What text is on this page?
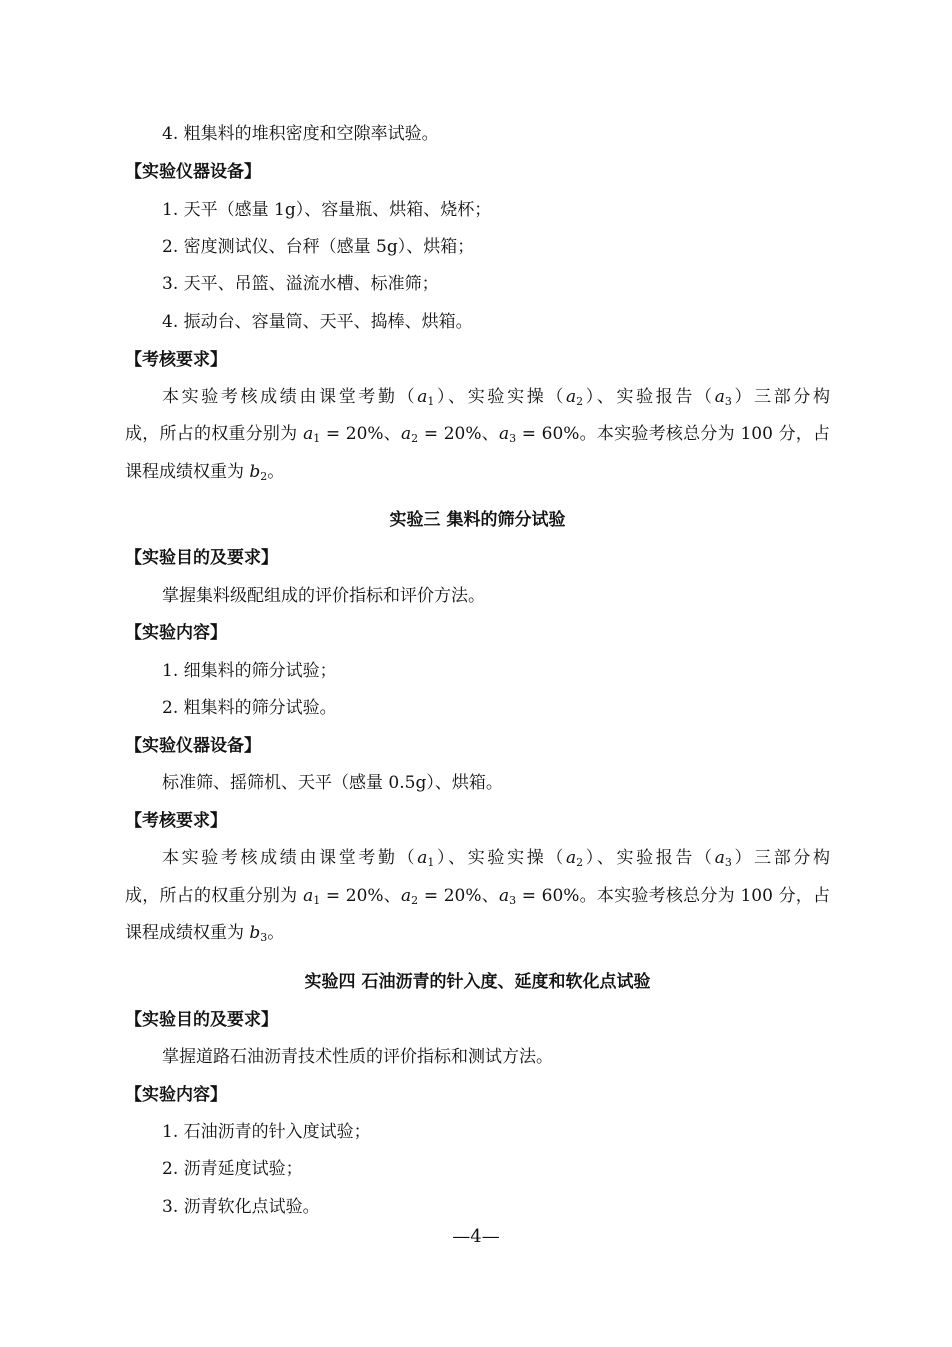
4. 粗集料的堆积密度和空隙率试验。
【实验仪器设备】
1. 天平（感量 1g）、容量瓶、烘箱、烧杯；
2. 密度测试仪、台秤（感量 5g）、烘箱；
3. 天平、吊篮、溢流水槽、标准筛；
4. 振动台、容量筒、天平、捣棒、烘箱。
【考核要求】
本实验考核成绩由课堂考勤$(a_1)$、实验实操$(a_2)$、实验报告$(a_3)$三部分构
成，所占的权重分别为 $a_1 = 20\%$、$a_2 = 20\%$、$a_3 = 60\%$。本实验考核总分为 100 分，占
课程成绩权重为 $b_2$。
实验三 集料的筛分试验
【实验目的及要求】
掌握集料级配组成的评价指标和评价方法。
【实验内容】
1. 细集料的筛分试验；
2. 粗集料的筛分试验。
【实验仪器设备】
标准筛、摇筛机、天平（感量 0.5g）、烘箱。
【考核要求】
本实验考核成绩由课堂考勤$(a_1)$、实验实操$(a_2)$、实验报告$(a_3)$三部分构
成，所占的权重分别为 $a_1 = 20\%$、$a_2 = 20\%$、$a_3 = 60\%$。本实验考核总分为 100 分，占
课程成绩权重为 $b_3$。
实验四 石油沥青的针入度、延度和软化点试验
【实验目的及要求】
掌握道路石油沥青技术性质的评价指标和测试方法。
【实验内容】
1. 石油沥青的针入度试验；
2. 沥青延度试验；
3. 沥青软化点试验。
—4—
